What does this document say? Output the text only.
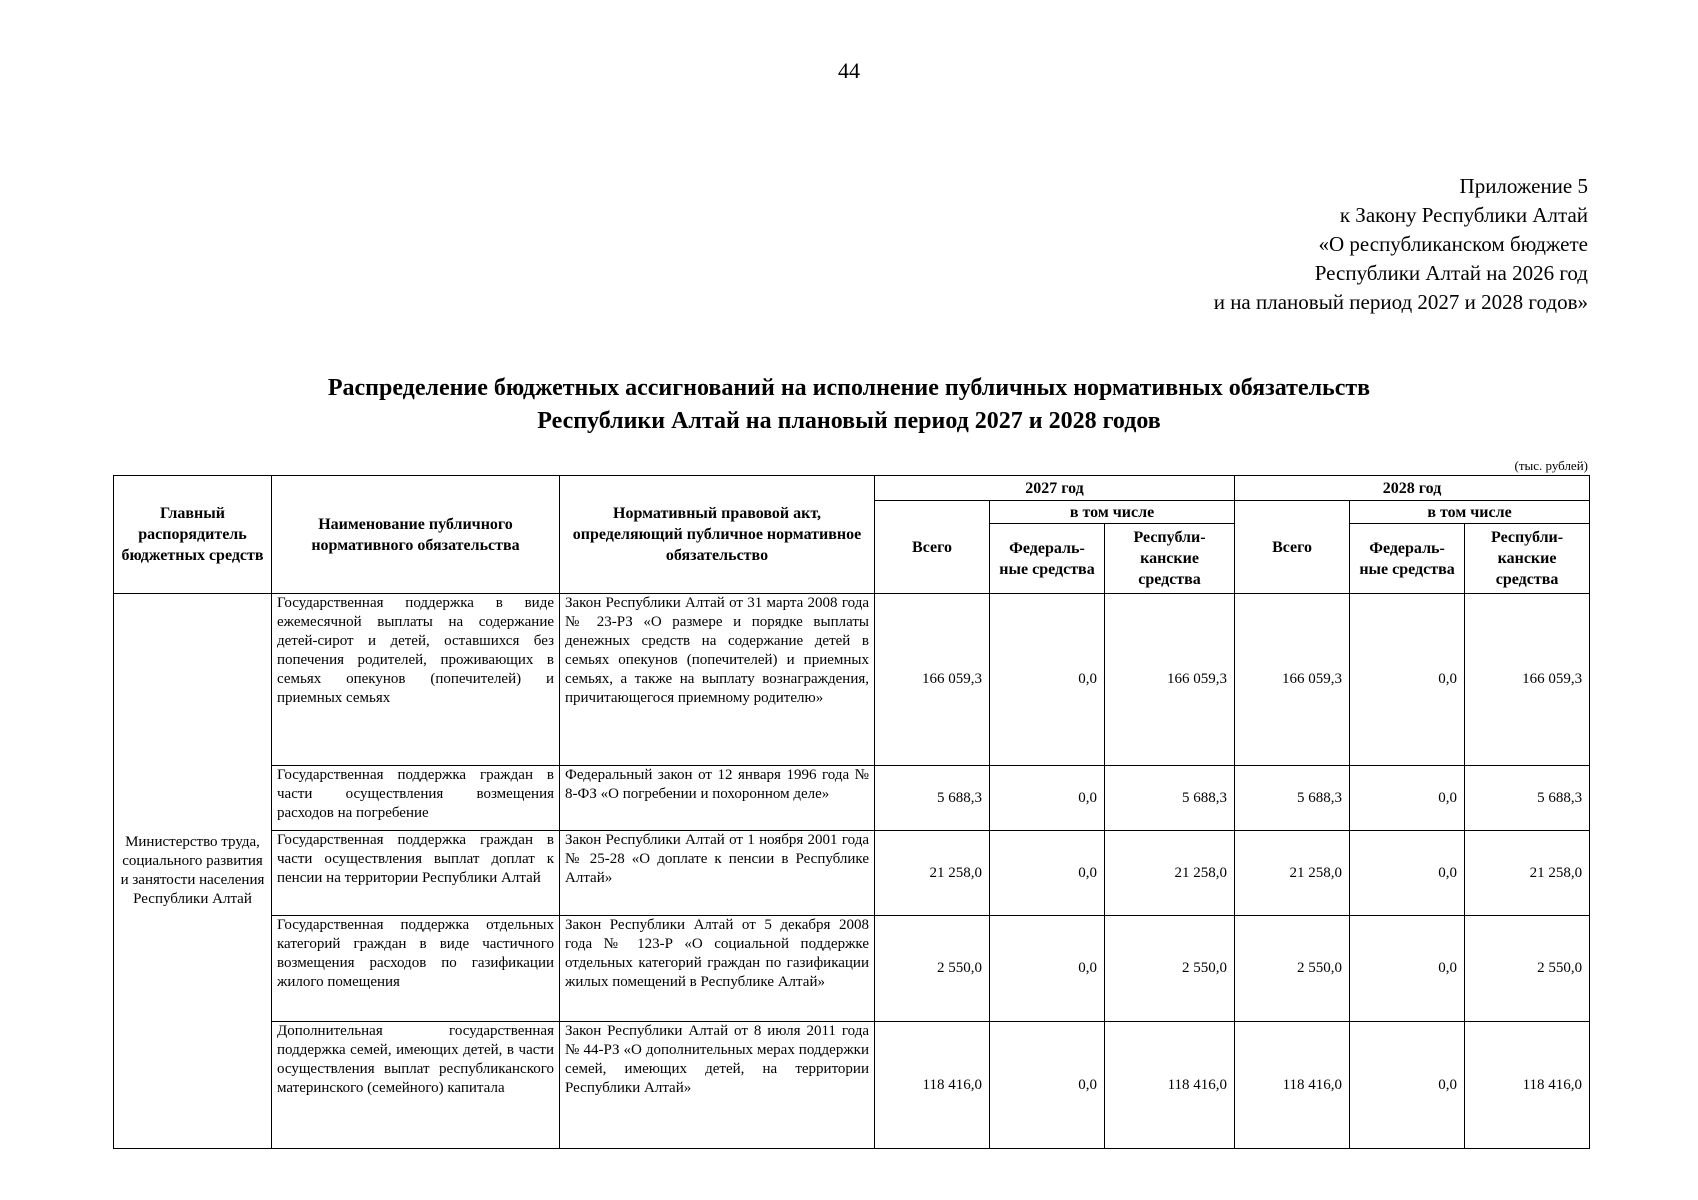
44
Приложение 5
к Закону Республики Алтай
«О республиканском бюджете
Республики Алтай на 2026 год
и на плановый период 2027 и 2028 годов»
Распределение бюджетных ассигнований на исполнение публичных нормативных обязательств
Республики Алтай на плановый период 2027 и 2028 годов
(тыс. рублей)
Главный распорядитель бюджетных средств	Наименование публичного нормативного обязательства	Нормативный правовой акт, определяющий публичное нормативное обязательство	2027 год			2028 год		
			Всего	в том числе		Всего	в том числе	
				Федераль-ные средства	Республи-канские средства		Федераль-ные средства	Республи-канские средства
Министерство труда, социального развития и занятости населения Республики Алтай	Государственная поддержка в виде ежемесячной выплаты на содержание детей-сирот и детей, оставшихся без попечения родителей, проживающих в семьях опекунов (попечителей) и приемных семьях	Закон Республики Алтай от 31 марта 2008 года № 23-РЗ «О размере и порядке выплаты денежных средств на содержание детей в семьях опекунов (попечителей) и приемных семьях, а также на выплату вознаграждения, причитающегося приемному родителю»	166 059,3	0,0	166 059,3	166 059,3	0,0	166 059,3
	Государственная поддержка граждан в части осуществления возмещения расходов на погребение	Федеральный закон от 12 января 1996 года № 8-ФЗ «О погребении и похоронном деле»	5 688,3	0,0	5 688,3	5 688,3	0,0	5 688,3
	Государственная поддержка граждан в части осуществления выплат доплат к пенсии на территории Республики Алтай	Закон Республики Алтай от 1 ноября 2001 года № 25-28 «О доплате к пенсии в Республике Алтай»	21 258,0	0,0	21 258,0	21 258,0	0,0	21 258,0
	Государственная поддержка отдельных категорий граждан в виде частичного возмещения расходов по газификации жилого помещения	Закон Республики Алтай от 5 декабря 2008 года № 123-Р «О социальной поддержке отдельных категорий граждан по газификации жилых помещений в Республике Алтай»	2 550,0	0,0	2 550,0	2 550,0	0,0	2 550,0
	Дополнительная государственная поддержка семей, имеющих детей, в части осуществления выплат республиканского материнского (семейного) капитала	Закон Республики Алтай от 8 июля 2011 года № 44-РЗ «О дополнительных мерах поддержки семей, имеющих детей, на территории Республики Алтай»	118 416,0	0,0	118 416,0	118 416,0	0,0	118 416,0
